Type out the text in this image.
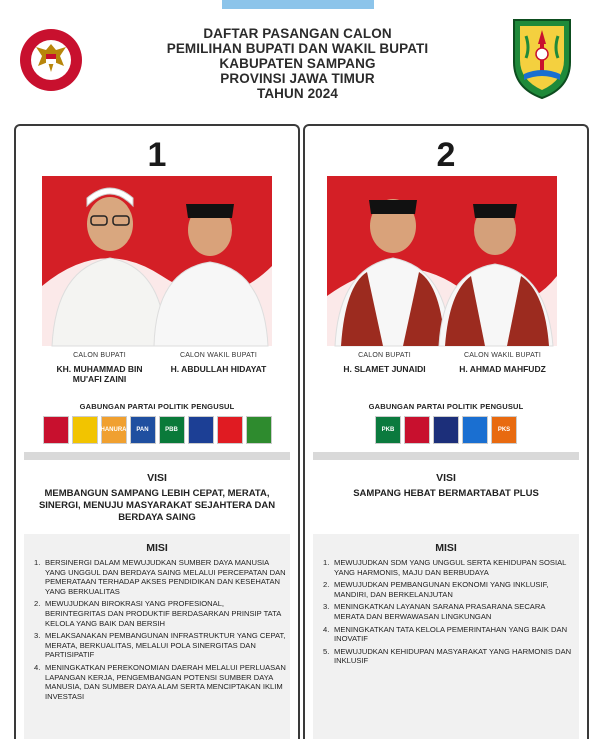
KOMISI
DAFTAR PASANGAN CALON
PEMILIHAN BUPATI DAN WAKIL BUPATI
KABUPATEN SAMPANG
PROVINSI JAWA TIMUR
TAHUN 2024
1
CALON BUPATI
KH. MUHAMMAD BIN MU'AFI ZAINI
CALON WAKIL BUPATI
H. ABDULLAH HIDAYAT
GABUNGAN PARTAI POLITIK PENGUSUL
HANURA PAN	PBB
VISI
MEMBANGUN SAMPANG LEBIH CEPAT, MERATA, SINERGI, MENUJU MASYARAKAT SEJAHTERA DAN BERDAYA SAING
MISI
1. BERSINERGI DALAM MEWUJUDKAN SUMBER DAYA MANUSIA YANG UNGGUL DAN BERDAYA SAING MELALUI PERCEPATAN DAN PEMERATAAN TERHADAP AKSES PENDIDIKAN DAN KESEHATAN YANG BERKUALITAS
2. MEWUJUDKAN BIROKRASI YANG PROFESIONAL, BERINTEGRITAS DAN PRODUKTIF BERDASARKAN PRINSIP TATA KELOLA YANG BAIK DAN BERSIH
3. MELAKSANAKAN PEMBANGUNAN INFRASTRUKTUR YANG CEPAT, MERATA, BERKUALITAS, MELALUI POLA SINERGITAS DAN PARTISIPATIF
4. MENINGKATKAN PEREKONOMIAN DAERAH MELALUI PERLUASAN LAPANGAN KERJA, PENGEMBANGAN POTENSI SUMBER DAYA MANUSIA, DAN SUMBER DAYA ALAM SERTA MENCIPTAKAN IKLIM INVESTASI
2
CALON BUPATI
H. SLAMET JUNAIDI
CALON WAKIL BUPATI
H. AHMAD MAHFUDZ
GABUNGAN PARTAI POLITIK PENGUSUL
PKB	PKS
VISI
SAMPANG HEBAT BERMARTABAT PLUS
MISI
1. MEWUJUDKAN SDM YANG UNGGUL SERTA KEHIDUPAN SOSIAL YANG HARMONIS, MAJU DAN BERBUDAYA
2. MEWUJUDKAN PEMBANGUNAN EKONOMI YANG INKLUSIF, MANDIRI, DAN BERKELANJUTAN
3. MENINGKATKAN LAYANAN SARANA PRASARANA SECARA MERATA DAN BERWAWASAN LINGKUNGAN
4. MENINGKATKAN TATA KELOLA PEMERINTAHAN YANG BAIK DAN INOVATIF
5. MEWUJUDKAN KEHIDUPAN MASYARAKAT YANG HARMONIS DAN INKLUSIF
